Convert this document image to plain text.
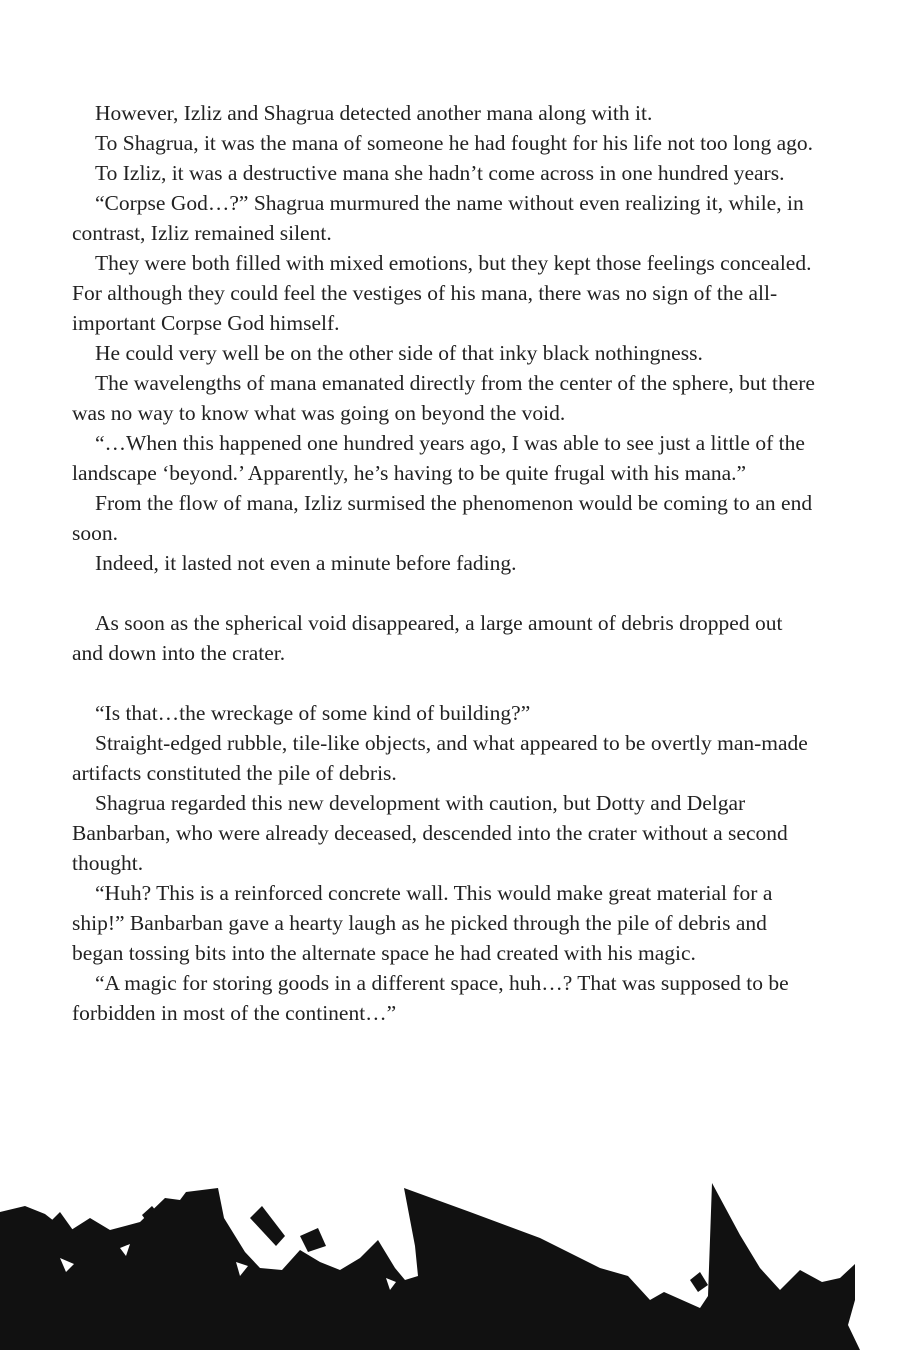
However, Izliz and Shagrua detected another mana along with it.

To Shagrua, it was the mana of someone he had fought for his life not too long ago.

To Izliz, it was a destructive mana she hadn’t come across in one hundred years.

“Corpse God…?” Shagrua murmured the name without even realizing it, while, in contrast, Izliz remained silent.

They were both filled with mixed emotions, but they kept those feelings concealed. For although they could feel the vestiges of his mana, there was no sign of the all-important Corpse God himself.

He could very well be on the other side of that inky black nothingness.

The wavelengths of mana emanated directly from the center of the sphere, but there was no way to know what was going on beyond the void.

“…When this happened one hundred years ago, I was able to see just a little of the landscape ‘beyond.’ Apparently, he’s having to be quite frugal with his mana.”

From the flow of mana, Izliz surmised the phenomenon would be coming to an end soon.

Indeed, it lasted not even a minute before fading.

As soon as the spherical void disappeared, a large amount of debris dropped out and down into the crater.

“Is that…the wreckage of some kind of building?”

Straight-edged rubble, tile-like objects, and what appeared to be overtly man-made artifacts constituted the pile of debris.

Shagrua regarded this new development with caution, but Dotty and Delgar Banbarban, who were already deceased, descended into the crater without a second thought.

“Huh? This is a reinforced concrete wall. This would make great material for a ship!” Banbarban gave a hearty laugh as he picked through the pile of debris and began tossing bits into the alternate space he had created with his magic.

“A magic for storing goods in a different space, huh…? That was supposed to be forbidden in most of the continent…”
